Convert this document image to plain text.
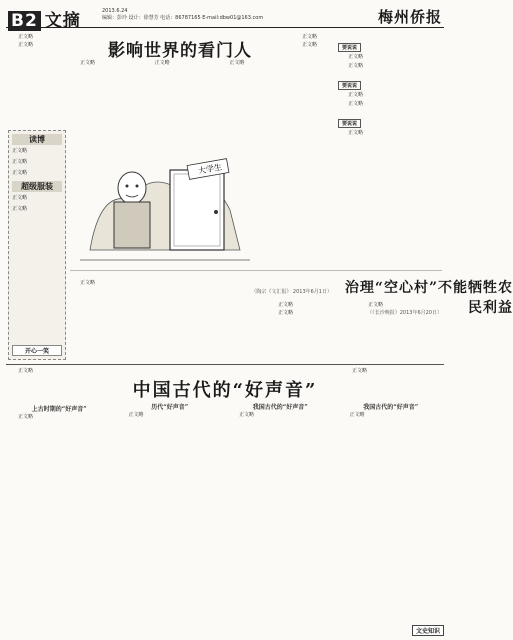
B2 文摘	2013.6.24
编辑：彭玲 设计：徐慧芳 电话：86787165 E-mail:dbw01@163.com	梅州侨报

正文略

正文略	影响世界的看门人

正文略	正文略	正文略

正文略

正文略

大学生

正文略

（陶宗《文汇报》 2013年6月1日）
读博
正文略
正文略
正文略
超级服装
正文略
正文略
开心一笑
要说说

正文略

正文略

要说说

正文略

正文略

要说说

正文略

治理“空心村”不能牺牲农民利益

正文略

正文略

正文略

（《长沙晚报》2013年6月20日）

正文略

中国古代的“好声音”

正文略

上古时期的“好声音”

正文略

历代“好声音”

正文略

我国古代的“好声音”

正文略

我国古代的“好声音”

正文略

文史知识
